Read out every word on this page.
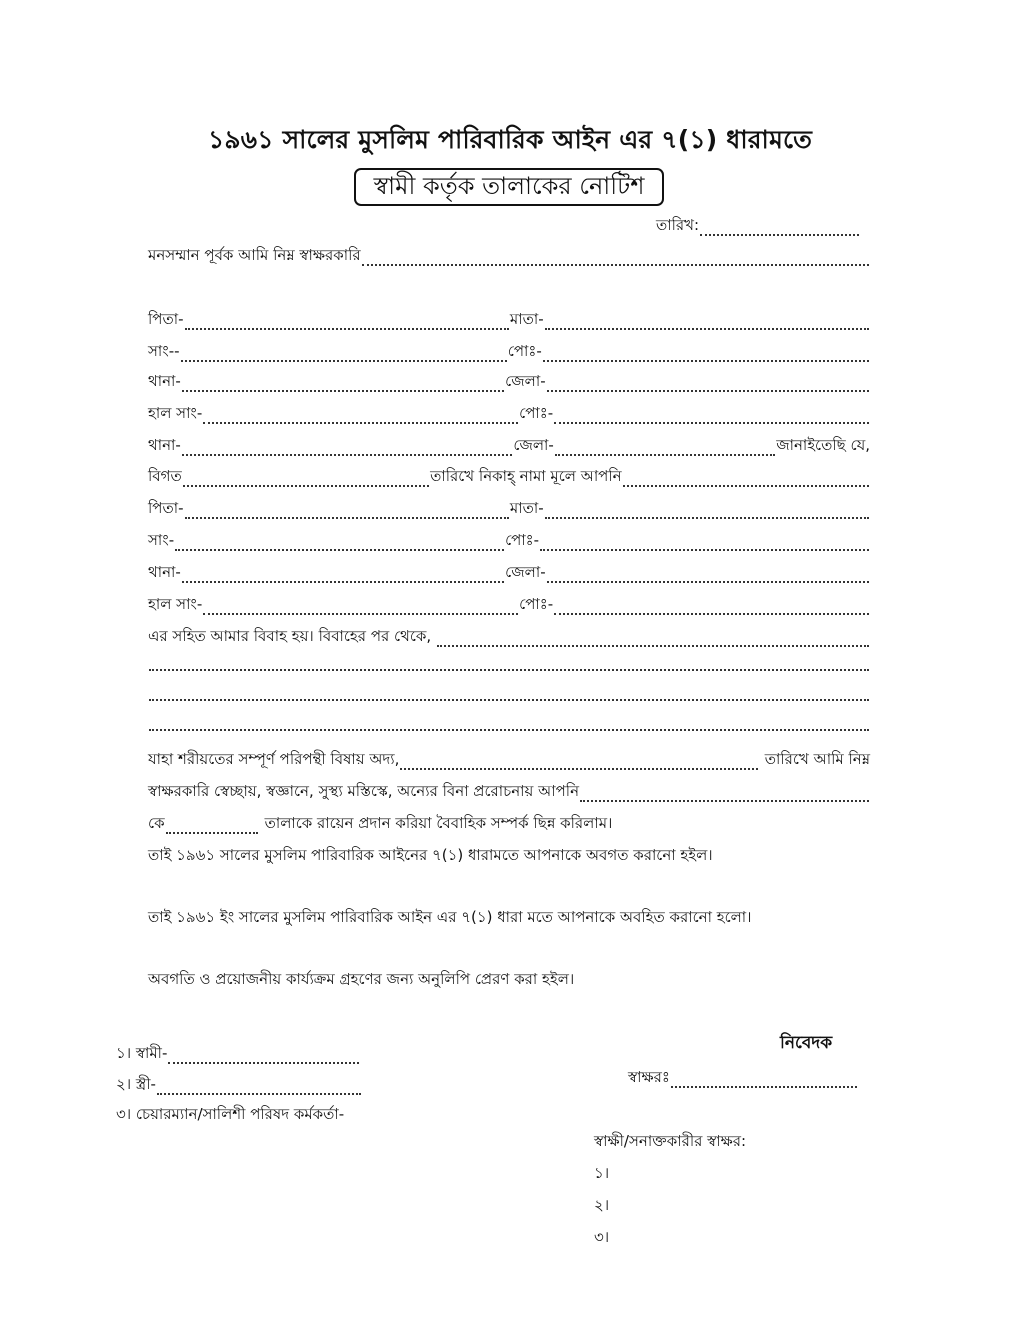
১৯৬১ সালের মুসলিম পারিবারিক আইন এর ৭(১) ধারামতে
স্বামী কর্তৃক তালাকের নোটিশ
তারিখ:
মনসম্মান পূর্বক আমি নিম্ন স্বাক্ষরকারি
পিতা-	মাতা-
সাং--	পোঃ-
থানা-	জেলা-
হাল সাং-	পোঃ-
থানা-	জেলা-	জানাইতেছি যে,
বিগত	তারিখে নিকাহ্‌ নামা মূলে আপনি
পিতা-	মাতা-
সাং-	পোঃ-
থানা-	জেলা-
হাল সাং-	পোঃ-
এর সহিত আমার বিবাহ হয়। বিবাহের পর থেকে,
যাহা শরীয়তের সম্পূর্ণ পরিপন্থী বিষায় অদ্য,	তারিখে আমি নিম্ন
স্বাক্ষরকারি স্বেচ্ছায়, স্বজ্ঞানে, সুস্থ্য মস্তিস্কে, অন্যের বিনা প্ররোচনায় আপনি
কে	তালাকে রায়েন প্রদান করিয়া বৈবাহিক সম্পর্ক ছিন্ন করিলাম।
তাই ১৯৬১ সালের মুসলিম পারিবারিক আইনের ৭(১) ধারামতে আপনাকে অবগত করানো হইল।
তাই ১৯৬১ ইং সালের মুসলিম পারিবারিক আইন এর ৭(১) ধারা মতে আপনাকে অবহিত করানো হলো।
অবগতি ও প্রয়োজনীয় কার্য্যক্রম গ্রহণের জন্য অনুলিপি প্রেরণ করা হইল।
১। স্বামী-
২। স্ত্রী-
৩। চেয়ারম্যান/সালিশী পরিষদ কর্মকর্তা-
নিবেদক
স্বাক্ষরঃ
স্বাক্ষী/সনাক্তকারীর স্বাক্ষর:
১।
২।
৩।
